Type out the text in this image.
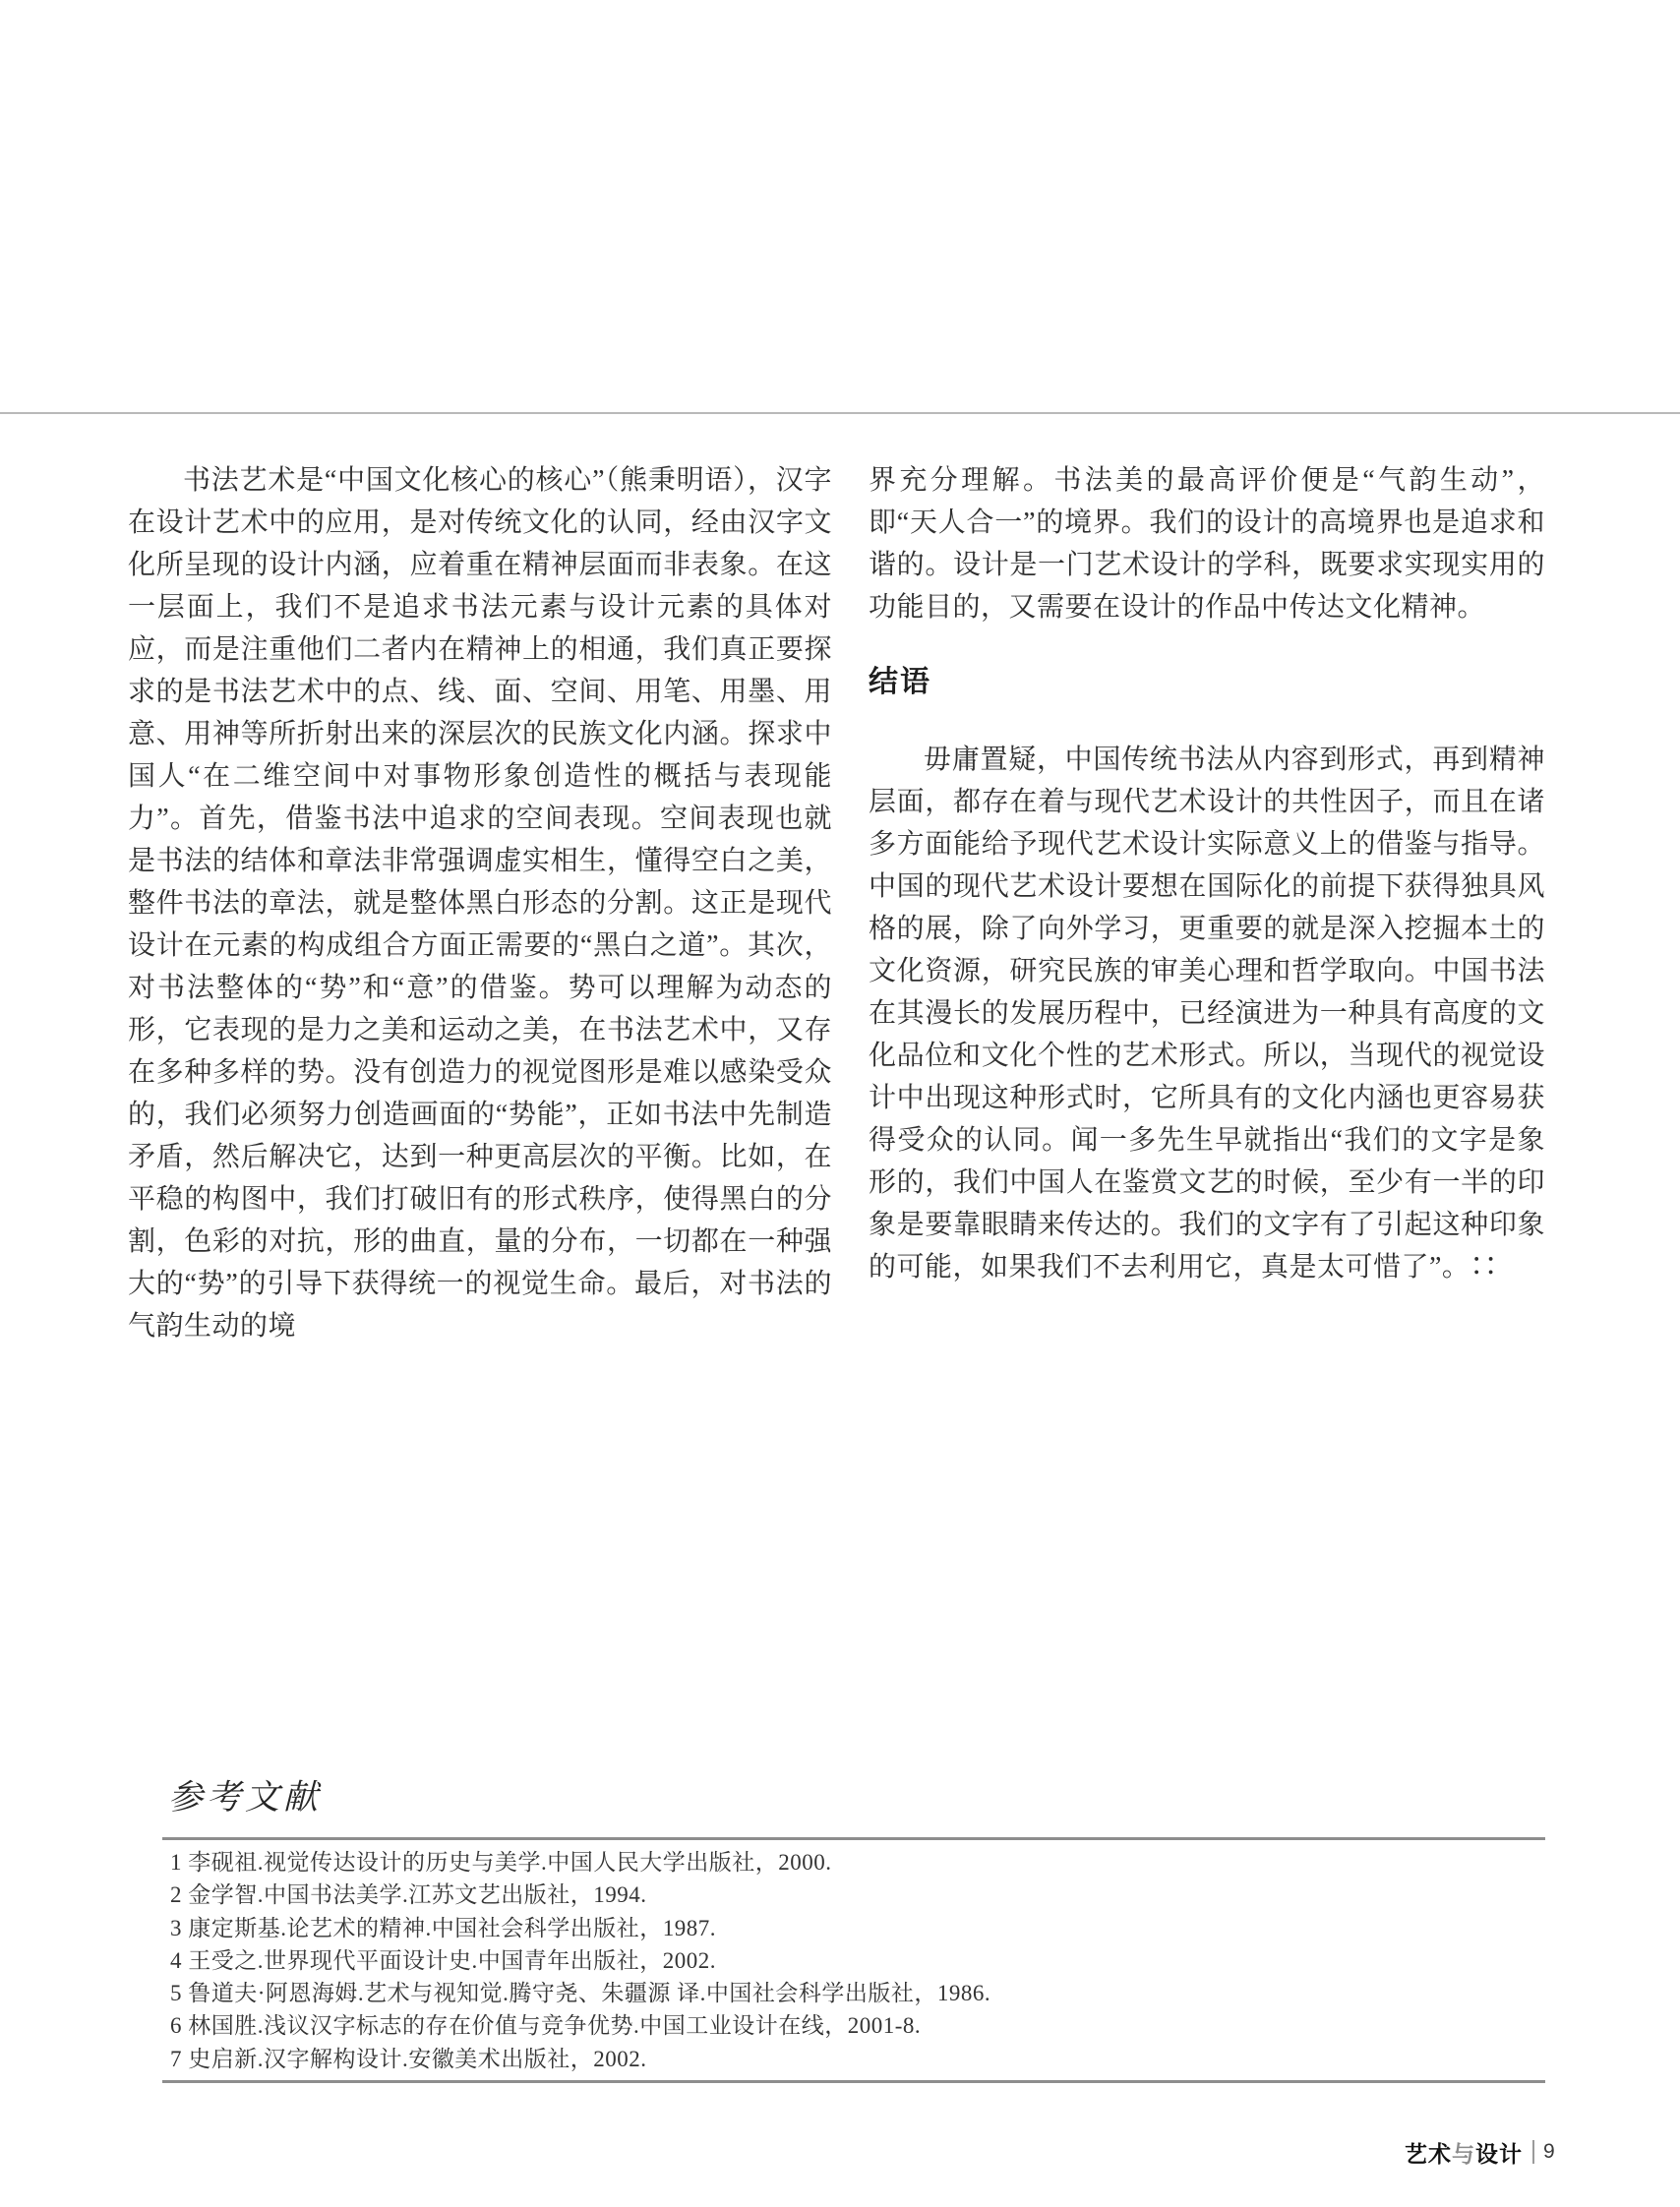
书法艺术是“中国文化核心的核心”（熊秉明语），汉字在设计艺术中的应用，是对传统文化的认同，经由汉字文化所呈现的设计内涵，应着重在精神层面而非表象。在这一层面上，我们不是追求书法元素与设计元素的具体对应，而是注重他们二者内在精神上的相通，我们真正要探求的是书法艺术中的点、线、面、空间、用笔、用墨、用意、用神等所折射出来的深层次的民族文化内涵。探求中国人“在二维空间中对事物形象创造性的概括与表现能力”。首先，借鉴书法中追求的空间表现。空间表现也就是书法的结体和章法非常强调虚实相生，懂得空白之美，整件书法的章法，就是整体黑白形态的分割。这正是现代设计在元素的构成组合方面正需要的“黑白之道”。其次，对书法整体的“势”和“意”的借鉴。势可以理解为动态的形，它表现的是力之美和运动之美，在书法艺术中，又存在多种多样的势。没有创造力的视觉图形是难以感染受众的，我们必须努力创造画面的“势能”，正如书法中先制造矛盾，然后解决它，达到一种更高层次的平衡。比如，在平稳的构图中，我们打破旧有的形式秩序，使得黑白的分割，色彩的对抗，形的曲直，量的分布，一切都在一种强大的“势”的引导下获得统一的视觉生命。最后，对书法的气韵生动的境

界充分理解。书法美的最高评价便是“气韵生动”，即“天人合一”的境界。我们的设计的高境界也是追求和谐的。设计是一门艺术设计的学科，既要求实现实用的功能目的，又需要在设计的作品中传达文化精神。

结语

毋庸置疑，中国传统书法从内容到形式，再到精神层面，都存在着与现代艺术设计的共性因子，而且在诸多方面能给予现代艺术设计实际意义上的借鉴与指导。中国的现代艺术设计要想在国际化的前提下获得独具风格的展，除了向外学习，更重要的就是深入挖掘本土的文化资源，研究民族的审美心理和哲学取向。中国书法在其漫长的发展历程中，已经演进为一种具有高度的文化品位和文化个性的艺术形式。所以，当现代的视觉设计中出现这种形式时，它所具有的文化内涵也更容易获得受众的认同。闻一多先生早就指出“我们的文字是象形的，我们中国人在鉴赏文艺的时候，至少有一半的印象是要靠眼睛来传达的。我们的文字有了引起这种印象的可能，如果我们不去利用它，真是太可惜了”。∷

参考文献
1 李砚祖.视觉传达设计的历史与美学.中国人民大学出版社，2000.
2 金学智.中国书法美学.江苏文艺出版社，1994.
3 康定斯基.论艺术的精神.中国社会科学出版社，1987.
4 王受之.世界现代平面设计史.中国青年出版社，2002.
5 鲁道夫·阿恩海姆.艺术与视知觉.腾守尧、朱疆源 译.中国社会科学出版社，1986.
6 林国胜.浅议汉字标志的存在价值与竞争优势.中国工业设计在线，2001-8.
7 史启新.汉字解构设计.安徽美术出版社，2002.
艺术与设计 9
